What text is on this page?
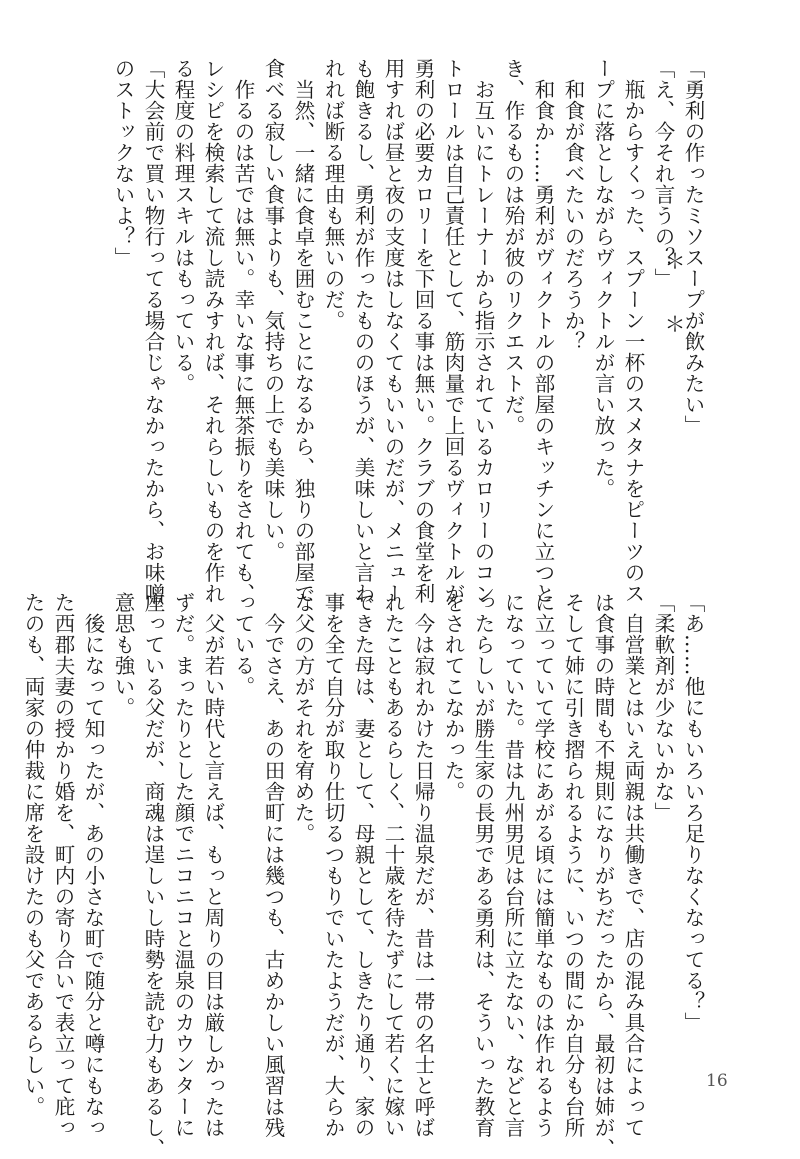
「勇利の作ったミソスープが飲みたい」

「え、今それ言うの？」

　瓶からすくった、スプーン一杯のスメタナをピーツのス

ープに落としながらヴィクトルが言い放った。

　和食が食べたいのだろうか？

　和食か……勇利がヴィクトルの部屋のキッチンに立つと

き、作るものは殆が彼のリクエストだ。

　お互いにトレーナーから指示されているカロリーのコン

トロールは自己責任として、筋肉量で上回るヴィクトルが

勇利の必要カロリーを下回る事は無い。クラブの食堂を利

用すれば昼と夜の支度はしなくてもいいのだが、メニュー

も飽きるし、勇利が作ったもののほうが、美味しいと言わ

れれば断る理由も無いのだ。

　当然、一緒に食卓を囲むことになるから、独りの部屋で

食べる寂しい食事よりも、気持ちの上でも美味しい。

　作るのは苦では無い。幸いな事に無茶振りをされても、

レシピを検索して流し読みすれば、それらしいものを作れ

る程度の料理スキルはもっている。

「大会前で買い物行ってる場合じゃなかったから、お味噌

のストックないよ？」

＊　　＊

「あ……他にもいろいろ足りなくなってる？」

「柔軟剤が少ないかな」

　自営業とはいえ両親は共働きで、店の混み具合によって

は食事の時間も不規則になりがちだったから、最初は姉が、

そして姉に引き摺られるように、いつの間にか自分も台所

に立っていて学校にあがる頃には簡単なものは作れるよう

になっていた。昔は九州男児は台所に立たない、などと言

ったらしいが勝生家の長男である勇利は、そういった教育

をされてこなかった。

　今は寂れかけた日帰り温泉だが、昔は一帯の名士と呼ば

れたこともあるらしく、二十歳を待たずにして若くに嫁い

できた母は、妻として、母親として、しきたり通り、家の

事を全て自分が取り仕切るつもりでいたようだが、大らか

な父の方がそれを宥めた。

　今でさえ、あの田舎町には幾つも、古めかしい風習は残

っている。

　父が若い時代と言えば、もっと周りの目は厳しかったは

ずだ。まったりとした顔でニコニコと温泉のカウンターに

座っている父だが、商魂は逞しいし時勢を読む力もあるし、

意思も強い。

　後になって知ったが、あの小さな町で随分と噂にもなっ

た西郡夫妻の授かり婚を、町内の寄り合いで表立って庇っ

たのも、両家の仲裁に席を設けたのも父であるらしい。	16
